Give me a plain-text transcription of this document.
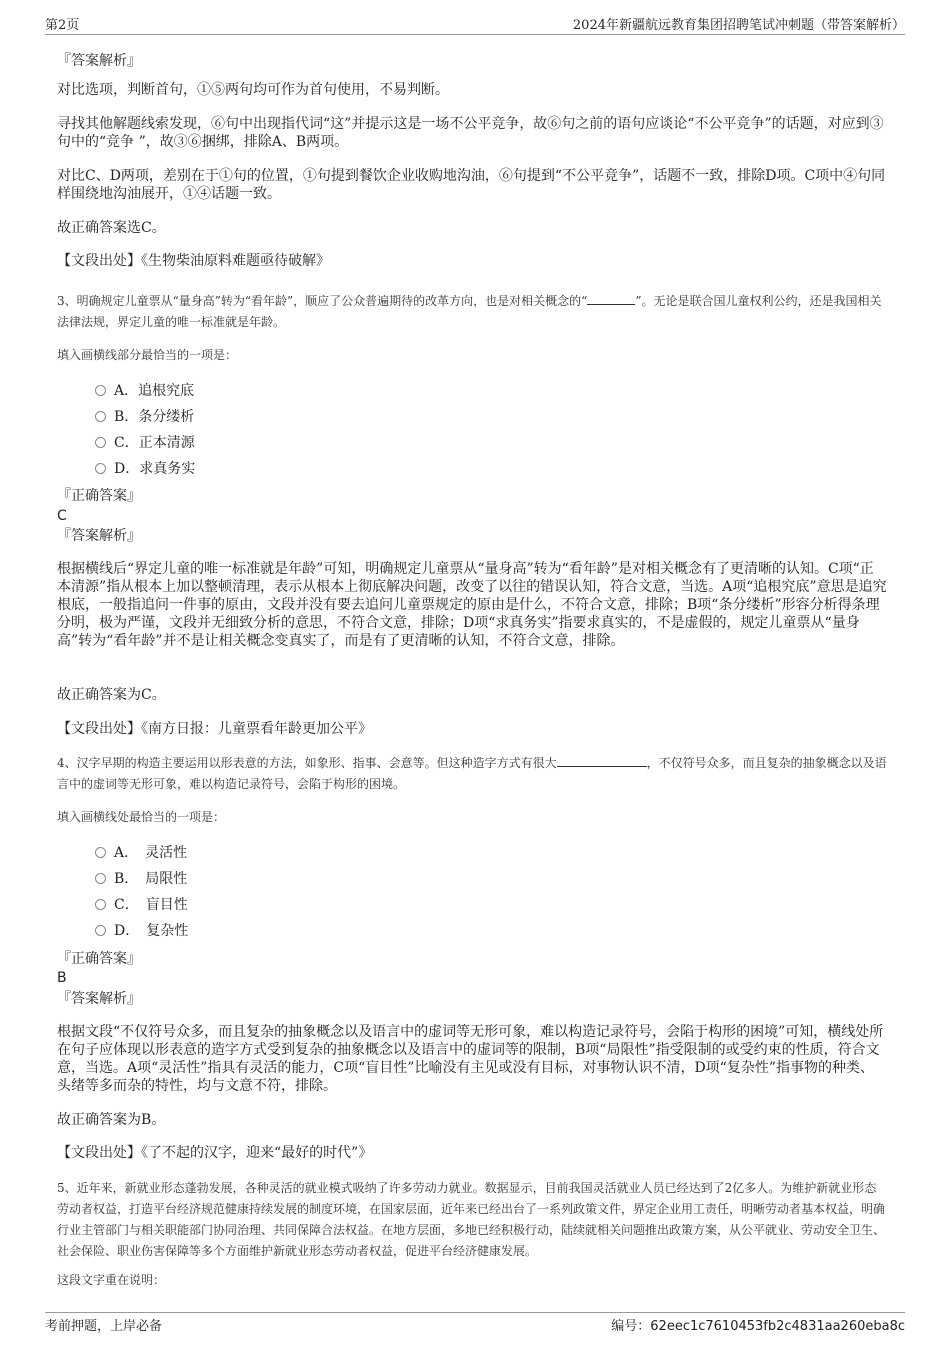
第2页	2024年新疆航远教育集团招聘笔试冲刺题（带答案解析）
『答案解析』
对比选项，判断首句，①⑤两句均可作为首句使用，不易判断。
寻找其他解题线索发现，⑥句中出现指代词“这”并提示这是一场不公平竞争，故⑥句之前的语句应谈论“不公平竞争”的话题，对应到③句中的“竞争 ”，故③⑥捆绑，排除A、B两项。
对比C、D两项，差别在于①句的位置，①句提到餐饮企业收购地沟油，⑥句提到“不公平竞争”，话题不一致，排除D项。C项中④句同样围绕地沟油展开，①④话题一致。
故正确答案选C。
【文段出处】《生物柴油原料难题亟待破解》
3、明确规定儿童票从“量身高”转为“看年龄”，顺应了公众普遍期待的改革方向，也是对相关概念的“	”。无论是联合国儿童权利公约，还是我国相关法律法规，界定儿童的唯一标准就是年龄。
填入画横线部分最恰当的一项是：
A．追根究底
B．条分缕析
C．正本清源
D．求真务实
『正确答案』
C
『答案解析』
根据横线后“界定儿童的唯一标准就是年龄”可知，明确规定儿童票从“量身高”转为“看年龄”是对相关概念有了更清晰的认知。C项“正本清源”指从根本上加以整顿清理，表示从根本上彻底解决问题，改变了以往的错误认知，符合文意，当选。A项“追根究底”意思是追究根底，一般指追问一件事的原由，文段并没有要去追问儿童票规定的原由是什么，不符合文意，排除；B项“条分缕析”形容分析得条理分明，极为严谨，文段并无细致分析的意思，不符合文意，排除；D项“求真务实”指要求真实的，不是虚假的，规定儿童票从“量身高”转为“看年龄”并不是让相关概念变真实了，而是有了更清晰的认知，不符合文意，排除。
故正确答案为C。
【文段出处】《南方日报：儿童票看年龄更加公平》
4、汉字早期的构造主要运用以形表意的方法，如象形、指事、会意等。但这种造字方式有很大	，不仅符号众多，而且复杂的抽象概念以及语言中的虚词等无形可象，难以构造记录符号，会陷于构形的困境。
填入画横线处最恰当的一项是：
A．　灵活性
B．　局限性
C．　盲目性
D．　复杂性
『正确答案』
B
『答案解析』
根据文段“不仅符号众多，而且复杂的抽象概念以及语言中的虚词等无形可象，难以构造记录符号，会陷于构形的困境”可知，横线处所在句子应体现以形表意的造字方式受到复杂的抽象概念以及语言中的虚词等的限制，B项“局限性”指受限制的或受约束的性质，符合文意，当选。A项“灵活性”指具有灵活的能力，C项“盲目性”比喻没有主见或没有目标，对事物认识不清，D项“复杂性”指事物的种类、头绪等多而杂的特性，均与文意不符，排除。
故正确答案为B。
【文段出处】《了不起的汉字，迎来“最好的时代”》
5、近年来，新就业形态蓬勃发展，各种灵活的就业模式吸纳了许多劳动力就业。数据显示，目前我国灵活就业人员已经达到了2亿多人。为维护新就业形态劳动者权益，打造平台经济规范健康持续发展的制度环境，在国家层面，近年来已经出台了一系列政策文件，界定企业用工责任，明晰劳动者基本权益，明确行业主管部门与相关职能部门协同治理、共同保障合法权益。在地方层面，多地已经积极行动，陆续就相关问题推出政策方案，从公平就业、劳动安全卫生、社会保险、职业伤害保障等多个方面维护新就业形态劳动者权益，促进平台经济健康发展。
这段文字重在说明：
考前押题，上岸必备	编号：62eec1c7610453fb2c4831aa260eba8c
